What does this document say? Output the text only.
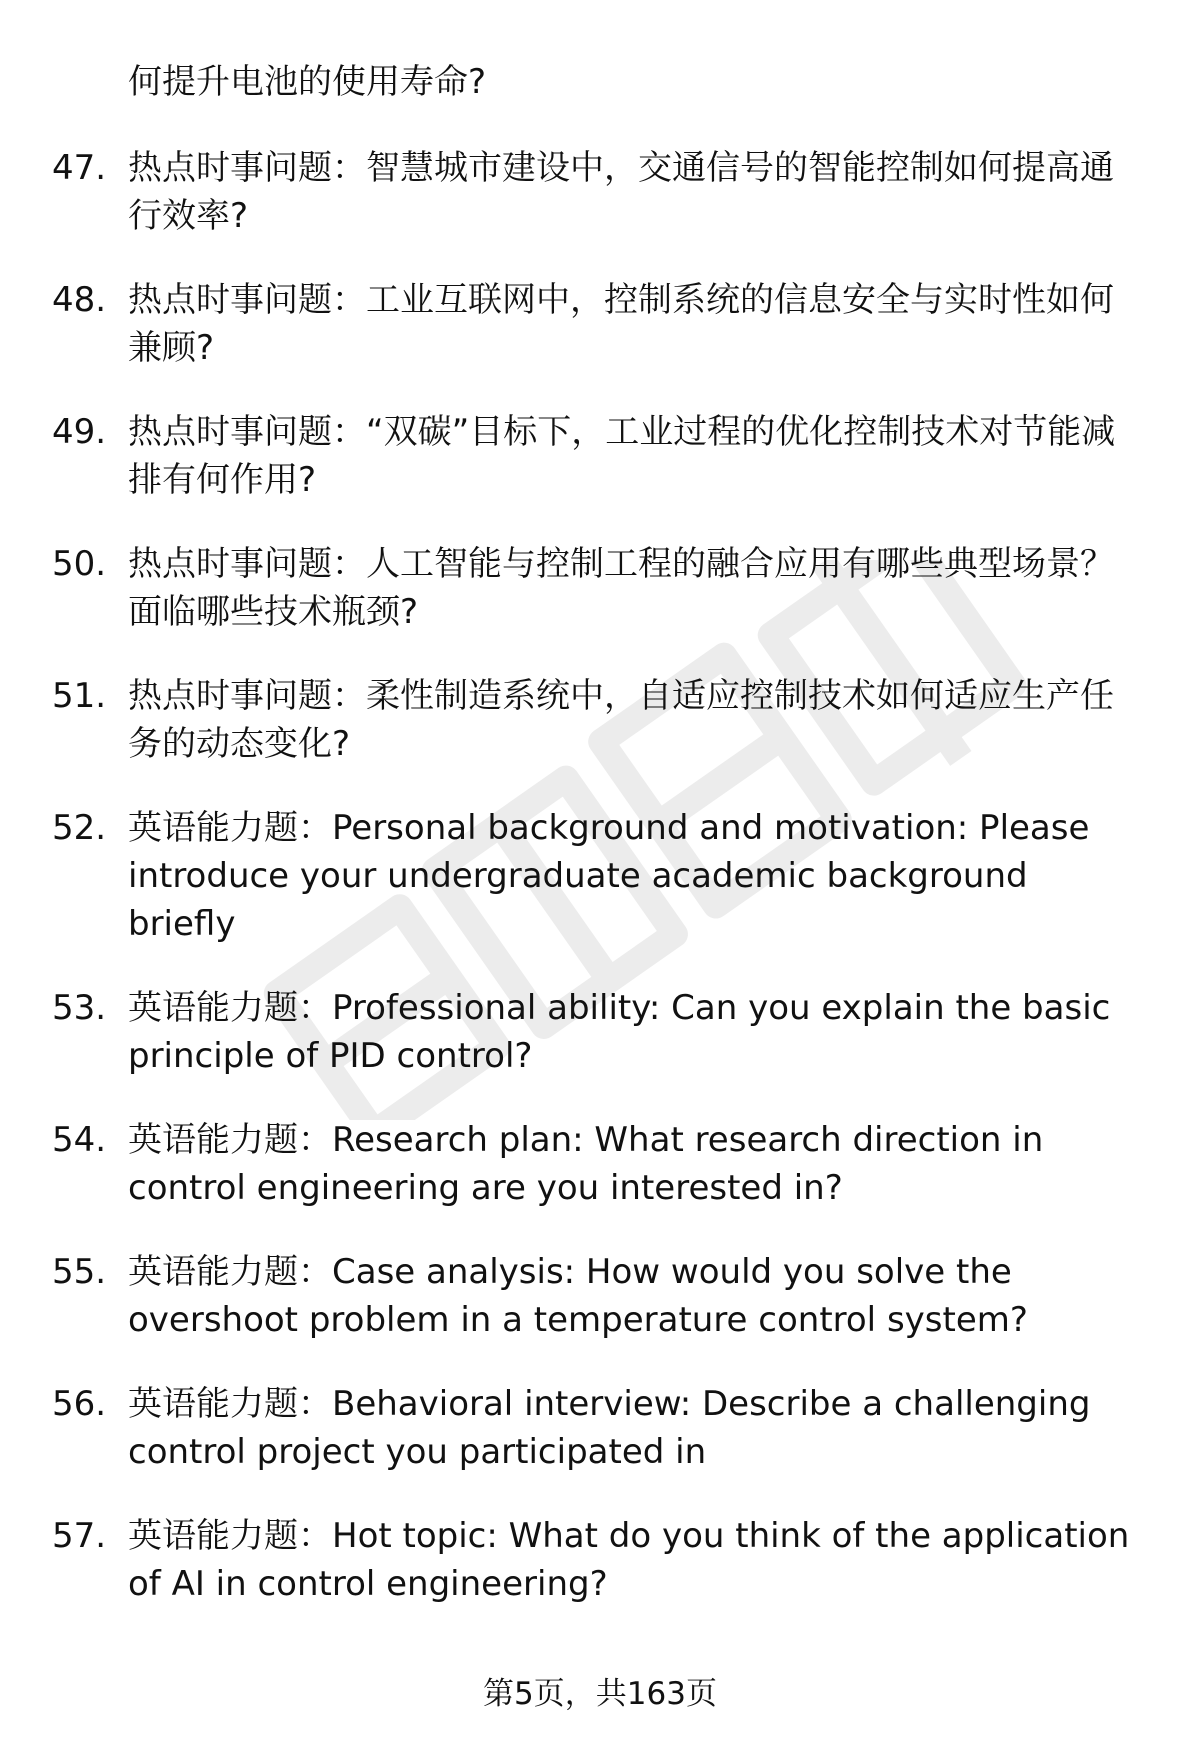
何提升电池的使用寿命?
47. 热点时事问题：智慧城市建设中，交通信号的智能控制如何提高通行效率?
48. 热点时事问题：工业互联网中，控制系统的信息安全与实时性如何兼顾?
49. 热点时事问题：“双碳”目标下，工业过程的优化控制技术对节能减排有何作用?
50. 热点时事问题：人工智能与控制工程的融合应用有哪些典型场景？面临哪些技术瓶颈?
51. 热点时事问题：柔性制造系统中，自适应控制技术如何适应生产任务的动态变化?
52. 英语能力题：Personal background and motivation: Please introduce your undergraduate academic background briefly
53. 英语能力题：Professional ability: Can you explain the basic principle of PID control?
54. 英语能力题：Research plan: What research direction in control engineering are you interested in?
55. 英语能力题：Case analysis: How would you solve the overshoot problem in a temperature control system?
56. 英语能力题：Behavioral interview: Describe a challenging control project you participated in
57. 英语能力题：Hot topic: What do you think of the application of AI in control engineering?
第5页，共163页
